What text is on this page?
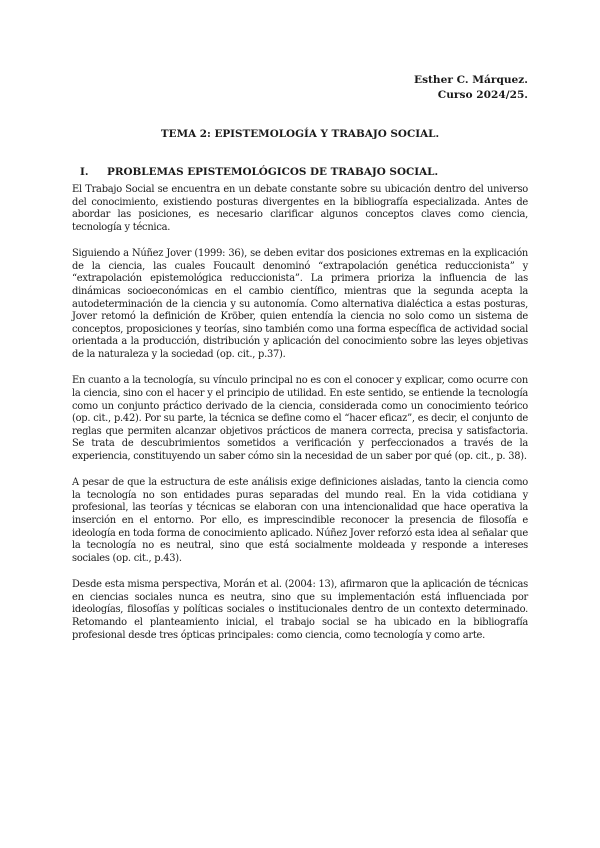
Esther C. Márquez.
Curso 2024/25.
TEMA 2: EPISTEMOLOGÍA Y TRABAJO SOCIAL.
I. PROBLEMAS EPISTEMOLÓGICOS DE TRABAJO SOCIAL.

El Trabajo Social se encuentra en un debate constante sobre su ubicación dentro del universo del conocimiento, existiendo posturas divergentes en la bibliografía especializada. Antes de abordar las posiciones, es necesario clarificar algunos conceptos claves como ciencia, tecnología y técnica.

Siguiendo a Núñez Jover (1999: 36), se deben evitar dos posiciones extremas en la explicación de la ciencia, las cuales Foucault denominó “extrapolación genética reduccionista” y “extrapolación epistemológica reduccionista”. La primera prioriza la influencia de las dinámicas socioeconómicas en el cambio científico, mientras que la segunda acepta la autodeterminación de la ciencia y su autonomía. Como alternativa dialéctica a estas posturas, Jover retomó la definición de Kröber, quien entendía la ciencia no solo como un sistema de conceptos, proposiciones y teorías, sino también como una forma específica de actividad social orientada a la producción, distribución y aplicación del conocimiento sobre las leyes objetivas de la naturaleza y la sociedad (op. cit., p.37).

En cuanto a la tecnología, su vínculo principal no es con el conocer y explicar, como ocurre con la ciencia, sino con el hacer y el principio de utilidad. En este sentido, se entiende la tecnología como un conjunto práctico derivado de la ciencia, considerada como un conocimiento teórico (op. cit., p.42). Por su parte, la técnica se define como el “hacer eficaz”, es decir, el conjunto de reglas que permiten alcanzar objetivos prácticos de manera correcta, precisa y satisfactoria. Se trata de descubrimientos sometidos a verificación y perfeccionados a través de la experiencia, constituyendo un saber cómo sin la necesidad de un saber por qué (op. cit., p. 38).

A pesar de que la estructura de este análisis exige definiciones aisladas, tanto la ciencia como la tecnología no son entidades puras separadas del mundo real. En la vida cotidiana y profesional, las teorías y técnicas se elaboran con una intencionalidad que hace operativa la inserción en el entorno. Por ello, es imprescindible reconocer la presencia de filosofía e ideología en toda forma de conocimiento aplicado. Núñez Jover reforzó esta idea al señalar que la tecnología no es neutral, sino que está socialmente moldeada y responde a intereses sociales (op. cit., p.43).

Desde esta misma perspectiva, Morán et al. (2004: 13), afirmaron que la aplicación de técnicas en ciencias sociales nunca es neutra, sino que su implementación está influenciada por ideologías, filosofías y políticas sociales o institucionales dentro de un contexto determinado. Retomando el planteamiento inicial, el trabajo social se ha ubicado en la bibliografía profesional desde tres ópticas principales: como ciencia, como tecnología y como arte.
